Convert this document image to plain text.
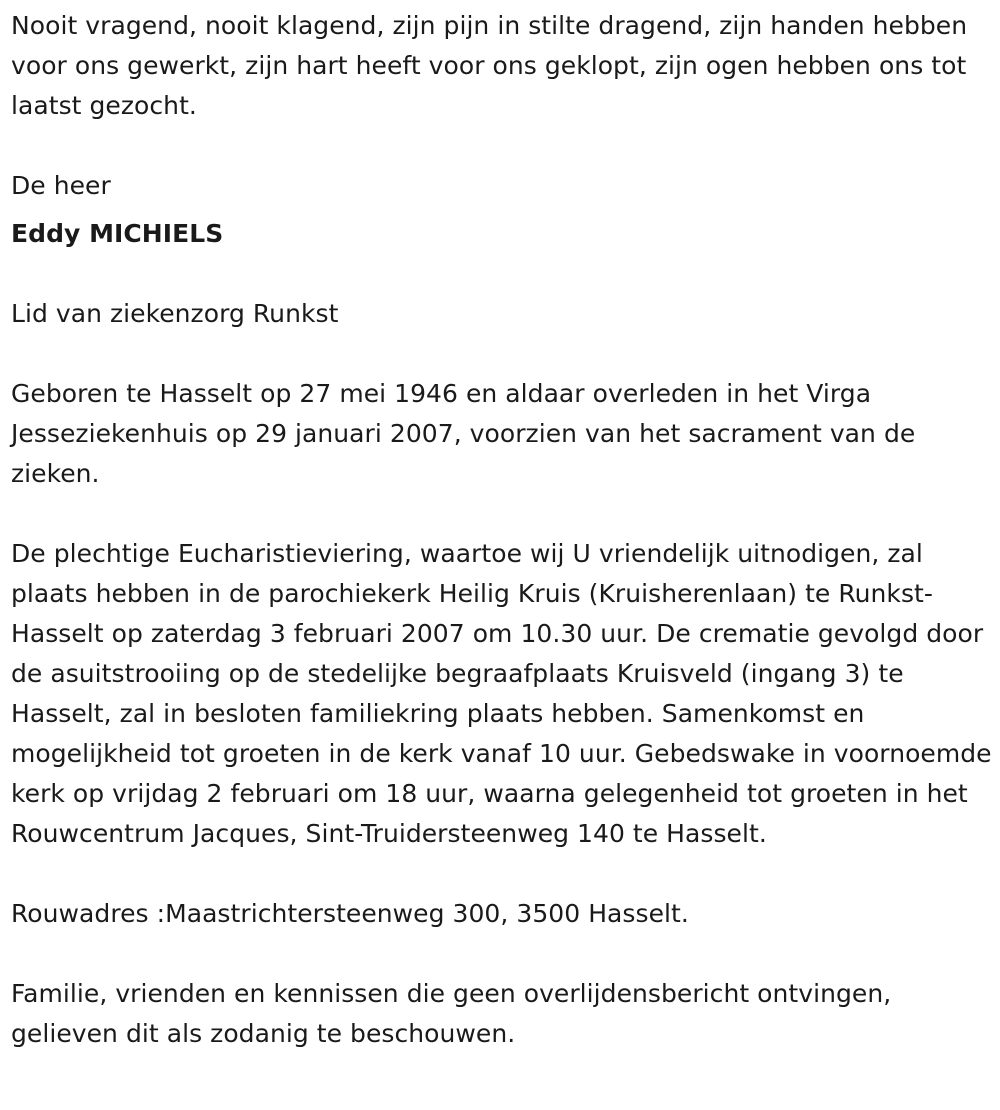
Nooit vragend, nooit klagend, zijn pijn in stilte dragend, zijn handen hebben voor ons gewerkt, zijn hart heeft voor ons geklopt, zijn ogen hebben ons tot laatst gezocht.

De heer

Eddy MICHIELS

Lid van ziekenzorg Runkst

Geboren te Hasselt op 27 mei 1946 en aldaar overleden in het Virga Jesseziekenhuis op 29 januari 2007, voorzien van het sacrament van de zieken.

De plechtige Eucharistieviering, waartoe wij U vriendelijk uitnodigen, zal plaats hebben in de parochiekerk Heilig Kruis (Kruisherenlaan) te Runkst-Hasselt op zaterdag 3 februari 2007 om 10.30 uur. De crematie gevolgd door de asuitstrooiing op de stedelijke begraafplaats Kruisveld (ingang 3) te Hasselt, zal in besloten familiekring plaats hebben. Samenkomst en mogelijkheid tot groeten in de kerk vanaf 10 uur. Gebedswake in voornoemde kerk op vrijdag 2 februari om 18 uur, waarna gelegenheid tot groeten in het Rouwcentrum Jacques, Sint-Truidersteenweg 140 te Hasselt.

Rouwadres :Maastrichtersteenweg 300, 3500 Hasselt.

Familie, vrienden en kennissen die geen overlijdensbericht ontvingen, gelieven dit als zodanig te beschouwen.
